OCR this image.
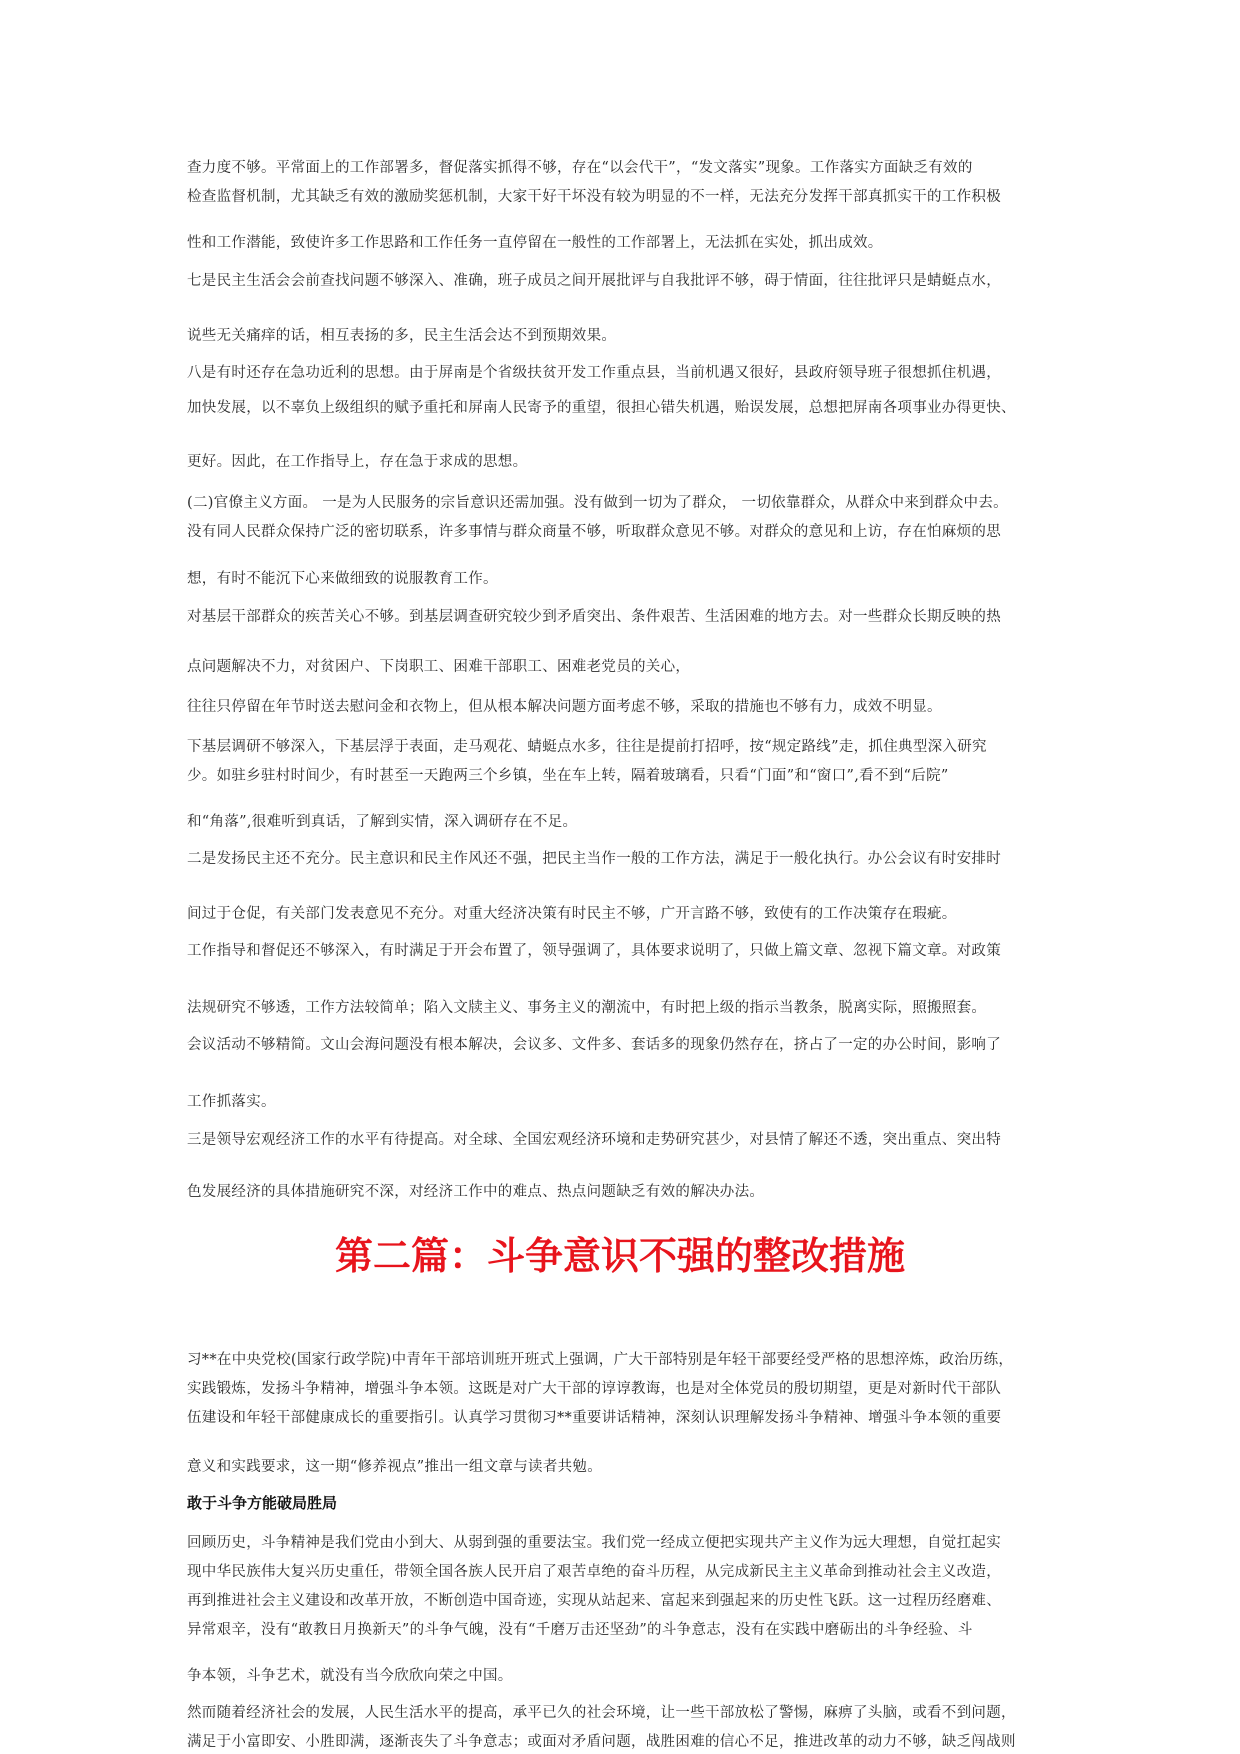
查力度不够。平常面上的工作部署多，督促落实抓得不够，存在“以会代干”，“发文落实”现象。工作落实方面缺乏有效的
检查监督机制，尤其缺乏有效的激励奖惩机制，大家干好干坏没有较为明显的不一样，无法充分发挥干部真抓实干的工作积极
性和工作潜能，致使许多工作思路和工作任务一直停留在一般性的工作部署上，无法抓在实处，抓出成效。
七是民主生活会会前查找问题不够深入、准确，班子成员之间开展批评与自我批评不够，碍于情面，往往批评只是蜻蜓点水，
说些无关痛痒的话，相互表扬的多，民主生活会达不到预期效果。
八是有时还存在急功近利的思想。由于屏南是个省级扶贫开发工作重点县，当前机遇又很好，县政府领导班子很想抓住机遇，
加快发展，以不辜负上级组织的赋予重托和屏南人民寄予的重望，很担心错失机遇，贻误发展，总想把屏南各项事业办得更快、
更好。因此，在工作指导上，存在急于求成的思想。
(二)官僚主义方面。 一是为人民服务的宗旨意识还需加强。没有做到一切为了群众， 一切依靠群众，从群众中来到群众中去。
没有同人民群众保持广泛的密切联系，许多事情与群众商量不够，听取群众意见不够。对群众的意见和上访，存在怕麻烦的思
想，有时不能沉下心来做细致的说服教育工作。
对基层干部群众的疾苦关心不够。到基层调查研究较少到矛盾突出、条件艰苦、生活困难的地方去。对一些群众长期反映的热
点问题解决不力，对贫困户、下岗职工、困难干部职工、困难老党员的关心，
往往只停留在年节时送去慰问金和衣物上，但从根本解决问题方面考虑不够，采取的措施也不够有力，成效不明显。
下基层调研不够深入，下基层浮于表面，走马观花、蜻蜓点水多，往往是提前打招呼，按“规定路线”走，抓住典型深入研究
少。如驻乡驻村时间少，有时甚至一天跑两三个乡镇，坐在车上转，隔着玻璃看，只看“门面”和“窗口”,看不到“后院”
和“角落”,很难听到真话，了解到实情，深入调研存在不足。
二是发扬民主还不充分。民主意识和民主作风还不强，把民主当作一般的工作方法，满足于一般化执行。办公会议有时安排时
间过于仓促，有关部门发表意见不充分。对重大经济决策有时民主不够，广开言路不够，致使有的工作决策存在瑕疵。
工作指导和督促还不够深入，有时满足于开会布置了，领导强调了，具体要求说明了，只做上篇文章、忽视下篇文章。对政策
法规研究不够透，工作方法较简单；陷入文牍主义、事务主义的潮流中，有时把上级的指示当教条，脱离实际，照搬照套。
会议活动不够精简。文山会海问题没有根本解决，会议多、文件多、套话多的现象仍然存在，挤占了一定的办公时间，影响了
工作抓落实。
三是领导宏观经济工作的水平有待提高。对全球、全国宏观经济环境和走势研究甚少，对县情了解还不透，突出重点、突出特
色发展经济的具体措施研究不深，对经济工作中的难点、热点问题缺乏有效的解决办法。
第二篇：斗争意识不强的整改措施
习**在中央党校(国家行政学院)中青年干部培训班开班式上强调，广大干部特别是年轻干部要经受严格的思想淬炼，政治历练，
实践锻炼，发扬斗争精神，增强斗争本领。这既是对广大干部的谆谆教诲，也是对全体党员的殷切期望，更是对新时代干部队
伍建设和年轻干部健康成长的重要指引。认真学习贯彻习**重要讲话精神，深刻认识理解发扬斗争精神、增强斗争本领的重要
意义和实践要求，这一期“修养视点”推出一组文章与读者共勉。
敢于斗争方能破局胜局
回顾历史，斗争精神是我们党由小到大、从弱到强的重要法宝。我们党一经成立便把实现共产主义作为远大理想，自觉扛起实
现中华民族伟大复兴历史重任，带领全国各族人民开启了艰苦卓绝的奋斗历程，从完成新民主主义革命到推动社会主义改造，
再到推进社会主义建设和改革开放，不断创造中国奇迹，实现从站起来、富起来到强起来的历史性飞跃。这一过程历经磨难、
异常艰辛，没有“敢教日月换新天”的斗争气魄，没有“千磨万击还坚劲”的斗争意志，没有在实践中磨砺出的斗争经验、斗
争本领，斗争艺术，就没有当今欣欣向荣之中国。
然而随着经济社会的发展，人民生活水平的提高，承平已久的社会环境，让一些干部放松了警惕，麻痹了头脑，或看不到问题，
满足于小富即安、小胜即满，逐渐丧失了斗争意志；或面对矛盾问题，战胜困难的信心不足，推进改革的动力不够，缺乏闯战则
